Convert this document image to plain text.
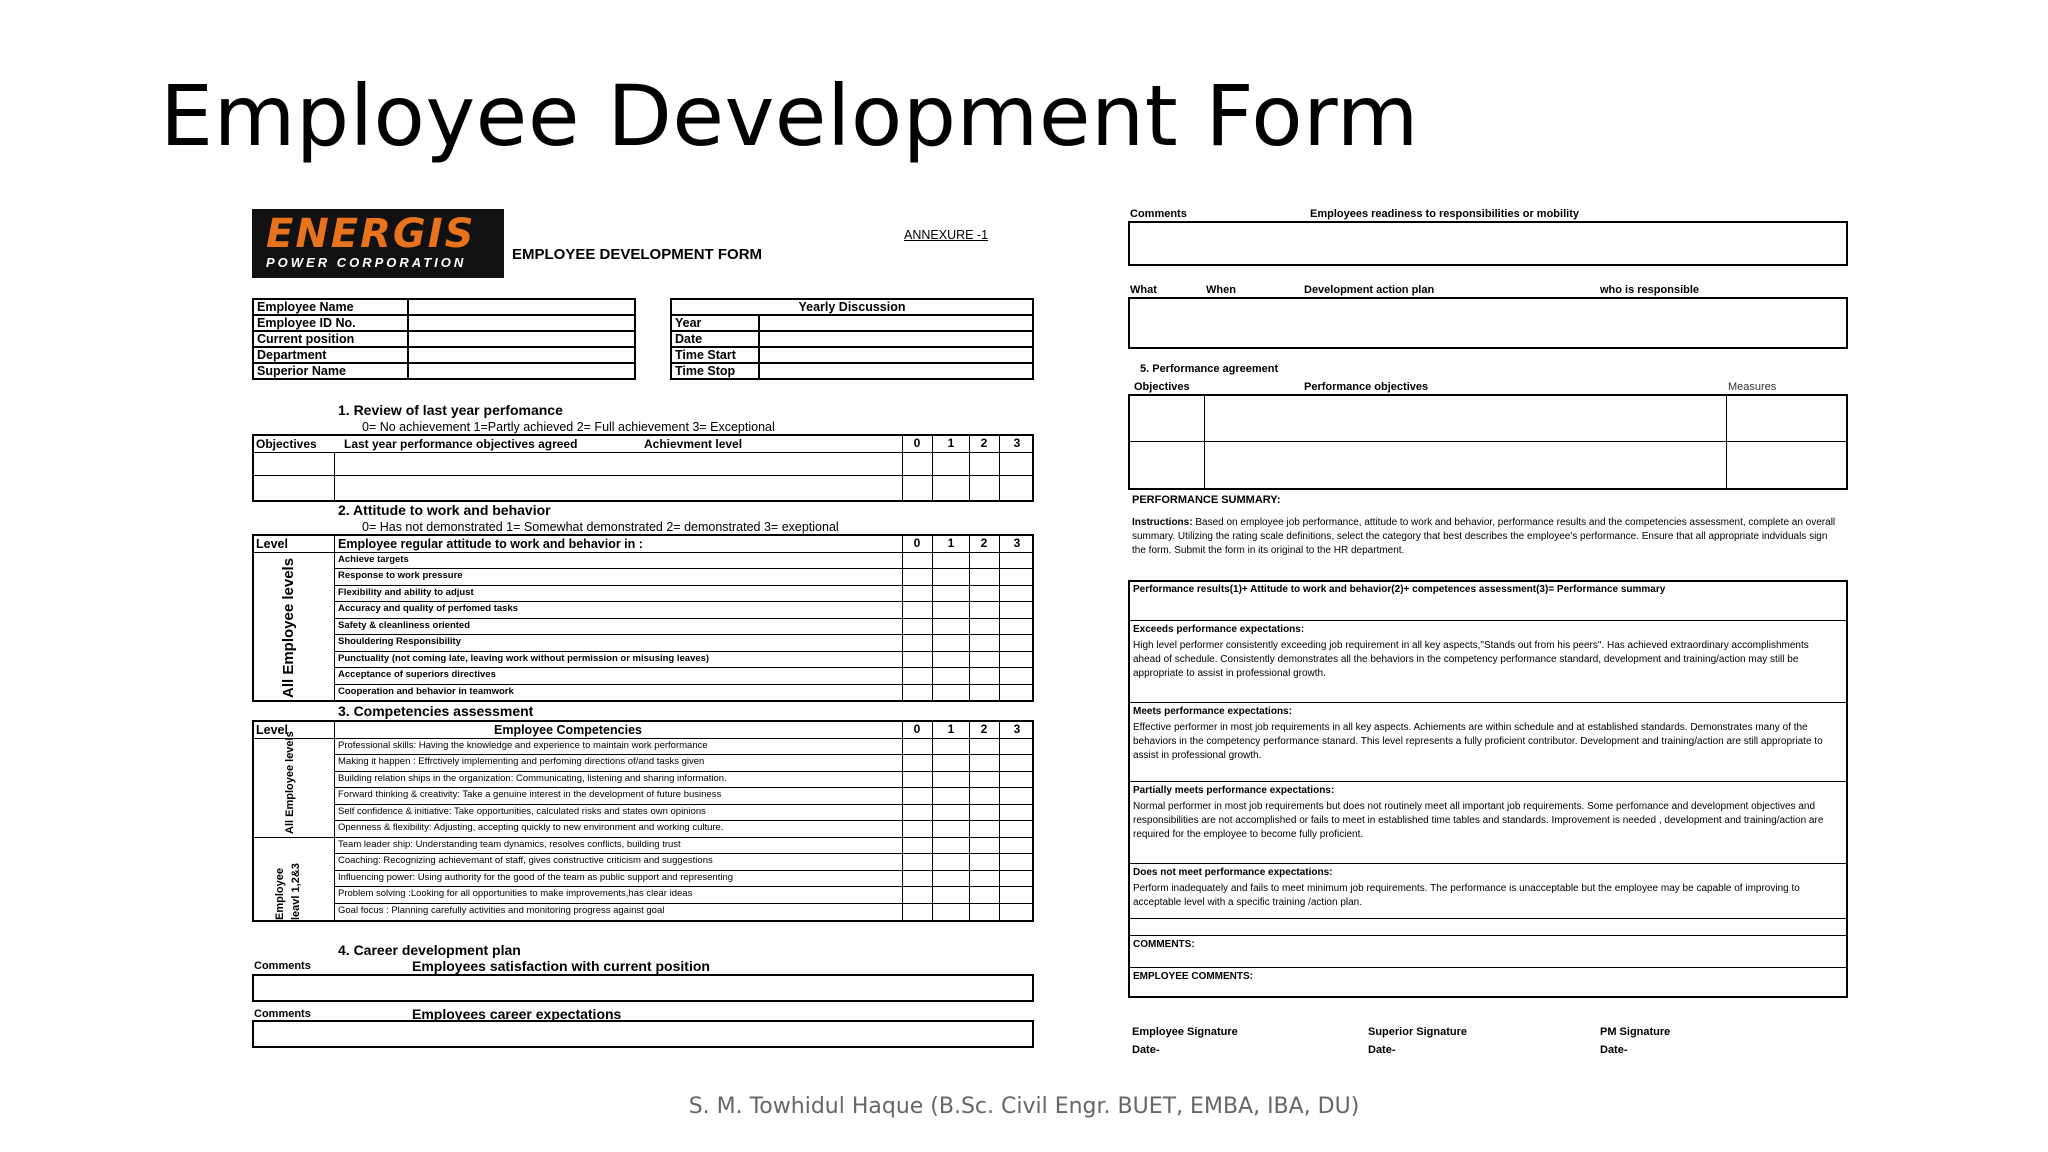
Employee Development Form
ENERGIS
POWER CORPORATION	EMPLOYEE DEVELOPMENT FORM
ANNEXURE -1
Employee Name	
Employee ID No.	
Current position	
Department	
Superior Name	
Yearly Discussion	
Year	
Date	
Time Start	
Time Stop	
1. Review of last year perfomance
0= No achievement 1=Partly achieved 2= Full achievement 3= Exceptional
Objectives Last year performance objectives agreed	Achievment level	0	1	2	3
2. Attitude to work and behavior
0= Has not demonstrated 1= Somewhat demonstrated 2= demonstrated 3= exeptional
Level	Employee regular attitude to work and behavior in :	0	1	2	3
Achieve targets
Response to work pressure
Flexibility and ability to adjust
Accuracy and quality of perfomed tasks
Safety & cleanliness oriented
Shouldering Responsibility
Punctuality (not coming late, leaving work without permission or misusing leaves)
Acceptance of superiors directives
Cooperation and behavior in teamwork
All Employee levels
3. Competencies assessment
Level	Employee Competencies	0	1	2	3
Professional skills: Having the knowledge and experience to maintain work performance
Making it happen : Effrctively implementing and perfoming directions of/and tasks given
Building relation ships in the organization: Communicating, listening and sharing information.
Forward thinking & creativity: Take a genuine interest in the development of future business
Self confidence & initiative: Take opportunities, calculated risks and states own opinions
Openness & flexibility: Adjusting, accepting quickly to new environment and working culture.
Team leader ship: Understanding team dynamics, resolves conflicts, building trust
Coaching: Recognizing achievemant of staff, gives constructive criticism and suggestions
Influencing power: Using authority for the good of the team as public support and representing
Problem solving :Looking for all opportunities to make improvements,has clear ideas
Goal focus : Planning carefully activities and monitoring progress against goal
All Employee levels
Employee leavl 1,2&3
4. Career development plan
Comments	Employees satisfaction with current position
Comments	Employees career expectations
Comments	Employees readiness to responsibilities or mobility
What	When	Development action plan	who is responsible
5. Performance agreement
Objectives	Performance objectives	Measures
PERFORMANCE SUMMARY:
Instructions: Based on employee job performance, attitude to work and behavior, performance results and the competencies assessment, complete an overall summary. Utilizing the rating scale definitions, select the category that best describes the employee's performance. Ensure that all appropriate indviduals sign the form. Submit the form in its original to the HR department.
Performance results(1)+ Attitude to work and behavior(2)+ competences assessment(3)= Performance summary
Exceeds performance expectations:
High level performer consistently exceeding job requirement in all key aspects,"Stands out from his peers". Has achieved extraordinary accomplishments ahead of schedule. Consistently demonstrates all the behaviors in the competency performance standard, development and training/action may still be appropriate to assist in professional growth.
Meets performance expectations:
Effective performer in most job requirements in all key aspects. Achiements are within schedule and at established standards. Demonstrates many of the behaviors in the competency performance stanard. This level represents a fully proficient contributor. Development and training/action are still appropriate to assist in professional growth.
Partially meets performance expectations:
Normal performer in most job requirements but does not routinely meet all important job requirements. Some perfomance and development objectives and responsibilities are not accomplished or fails to meet in established time tables and standards. Improvement is needed , development and training/action are required for the employee to become fully proficient.
Does not meet performance expectations:
Perform inadequately and fails to meet minimum job requirements. The performance is unacceptable but the employee may be capable of improving to acceptable level with a specific training /action plan.
COMMENTS:
EMPLOYEE COMMENTS:
Employee Signature	Superior Signature	PM Signature
Date-	Date-	Date-
S. M. Towhidul Haque (B.Sc. Civil Engr. BUET, EMBA, IBA, DU)
